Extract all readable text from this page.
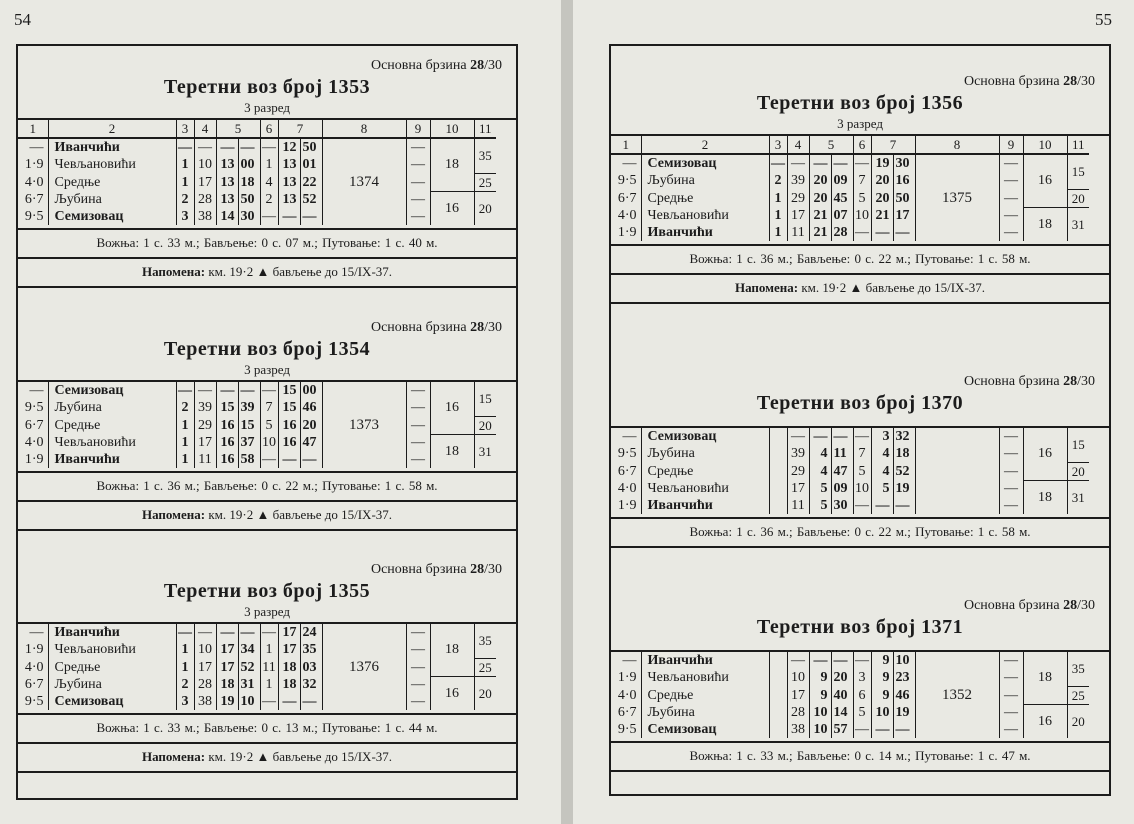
54
Основна брзина 28/30
Теретни воз број 1353
3 разред
1	2	3	4	5		6	7		8	9	10	11
—	Иванчићи	—	—	—	—	—	12	50	1374	—	18	35
1·9	Чевљановићи	1	10	13	00	1	13	01		—		
4·0	Средње	1	17	13	18	4	13	22		—		25
6·7	Љубина	2	28	13	50	2	13	52		—	16	20
9·5	Семизовац	3	38	14	30	—	—	—		—		
Вожња: 1 с. 33 м.; Бављење: 0 с. 07 м.; Путовање: 1 с. 40 м.
Напомена: км. 19·2 ▲ бављење до 15/IX-37.
Основна брзина 28/30
Теретни воз број 1354
3 разред
—	Семизовац	—	—	—	—	—	15	00	1373	—	16	15
9·5	Љубина	2	39	15	39	7	15	46		—		
6·7	Средње	1	29	16	15	5	16	20		—		20
4·0	Чевљановићи	1	17	16	37	10	16	47		—	18	31
1·9	Иванчићи	1	11	16	58	—	—	—		—		
Вожња: 1 с. 36 м.; Бављење: 0 с. 22 м.; Путовање: 1 с. 58 м.
Напомена: км. 19·2 ▲ бављење до 15/IX-37.
Основна брзина 28/30
Теретни воз број 1355
3 разред
—	Иванчићи	—	—	—	—	—	17	24	1376	—	18	35
1·9	Чевљановићи	1	10	17	34	1	17	35		—		
4·0	Средње	1	17	17	52	11	18	03		—		25
6·7	Љубина	2	28	18	31	1	18	32		—	16	20
9·5	Семизовац	3	38	19	10	—	—	—		—		
Вожња: 1 с. 33 м.; Бављење: 0 с. 13 м.; Путовање: 1 с. 44 м.
Напомена: км. 19·2 ▲ бављење до 15/IX-37.
55
Основна брзина 28/30
Теретни воз број 1356
3 разред
1	2	3	4	5		6	7		8	9	10	11
—	Семизовац	—	—	—	—	—	19	30	1375	—	16	15
9·5	Љубина	2	39	20	09	7	20	16		—		
6·7	Средње	1	29	20	45	5	20	50		—		20
4·0	Чевљановићи	1	17	21	07	10	21	17		—	18	31
1·9	Иванчићи	1	11	21	28	—	—	—		—		
Вожња: 1 с. 36 м.; Бављење: 0 с. 22 м.; Путовање: 1 с. 58 м.
Напомена: км. 19·2 ▲ бављење до 15/IX-37.
Основна брзина 28/30
Теретни воз број 1370
—	Семизовац		—	—	—	—	3	32		—	16	15
9·5	Љубина		39	4	11	7	4	18		—		
6·7	Средње		29	4	47	5	4	52		—		20
4·0	Чевљановићи		17	5	09	10	5	19		—	18	31
1·9	Иванчићи		11	5	30	—	—	—		—		
Вожња: 1 с. 36 м.; Бављење: 0 с. 22 м.; Путовање: 1 с. 58 м.
Основна брзина 28/30
Теретни воз број 1371
—	Иванчићи		—	—	—	—	9	10	1352	—	18	35
1·9	Чевљановићи		10	9	20	3	9	23		—		
4·0	Средње		17	9	40	6	9	46		—		25
6·7	Љубина		28	10	14	5	10	19		—	16	20
9·5	Семизовац		38	10	57	—	—	—		—		
Вожња: 1 с. 33 м.; Бављење: 0 с. 14 м.; Путовање: 1 с. 47 м.
